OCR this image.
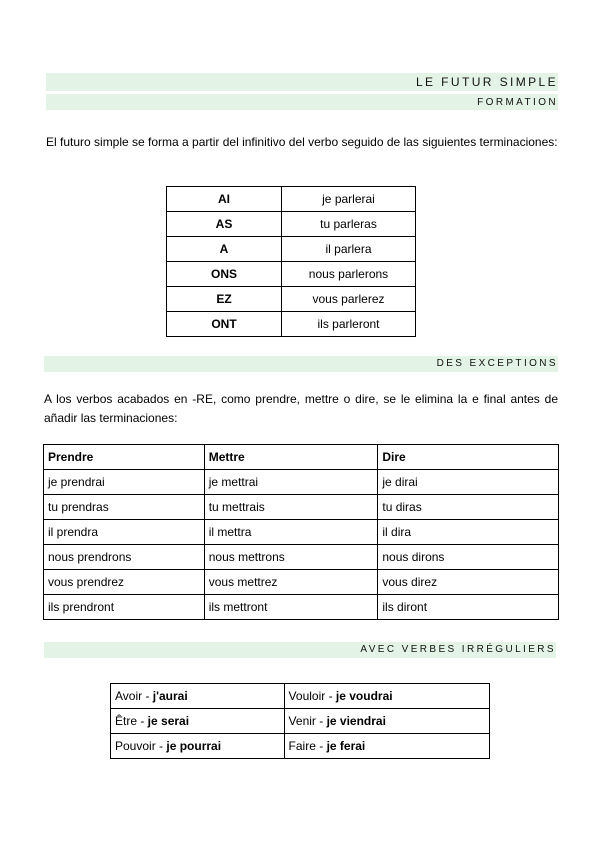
LE FUTUR SIMPLE
FORMATION

El futuro simple se forma a partir del infinitivo del verbo seguido de las siguientes terminaciones:

AI	je parlerai
AS	tu parleras
A	il parlera
ONS	nous parlerons
EZ	vous parlerez
ONT	ils parleront
DES EXCEPTIONS

A los verbos acabados en -RE, como prendre, mettre o dire, se le elimina la e final antes de añadir las terminaciones:

Prendre	Mettre	Dire
je prendrai	je mettrai	je dirai
tu prendras	tu mettrais	tu diras
il prendra	il mettra	il dira
nous prendrons	nous mettrons	nous dirons
vous prendrez	vous mettrez	vous direz
ils prendront	ils mettront	ils diront
AVEC VERBES IRRÉGULIERS
Avoir - j'aurai	Vouloir - je voudrai
Être - je serai	Venir - je viendrai
Pouvoir - je pourrai	Faire - je ferai
